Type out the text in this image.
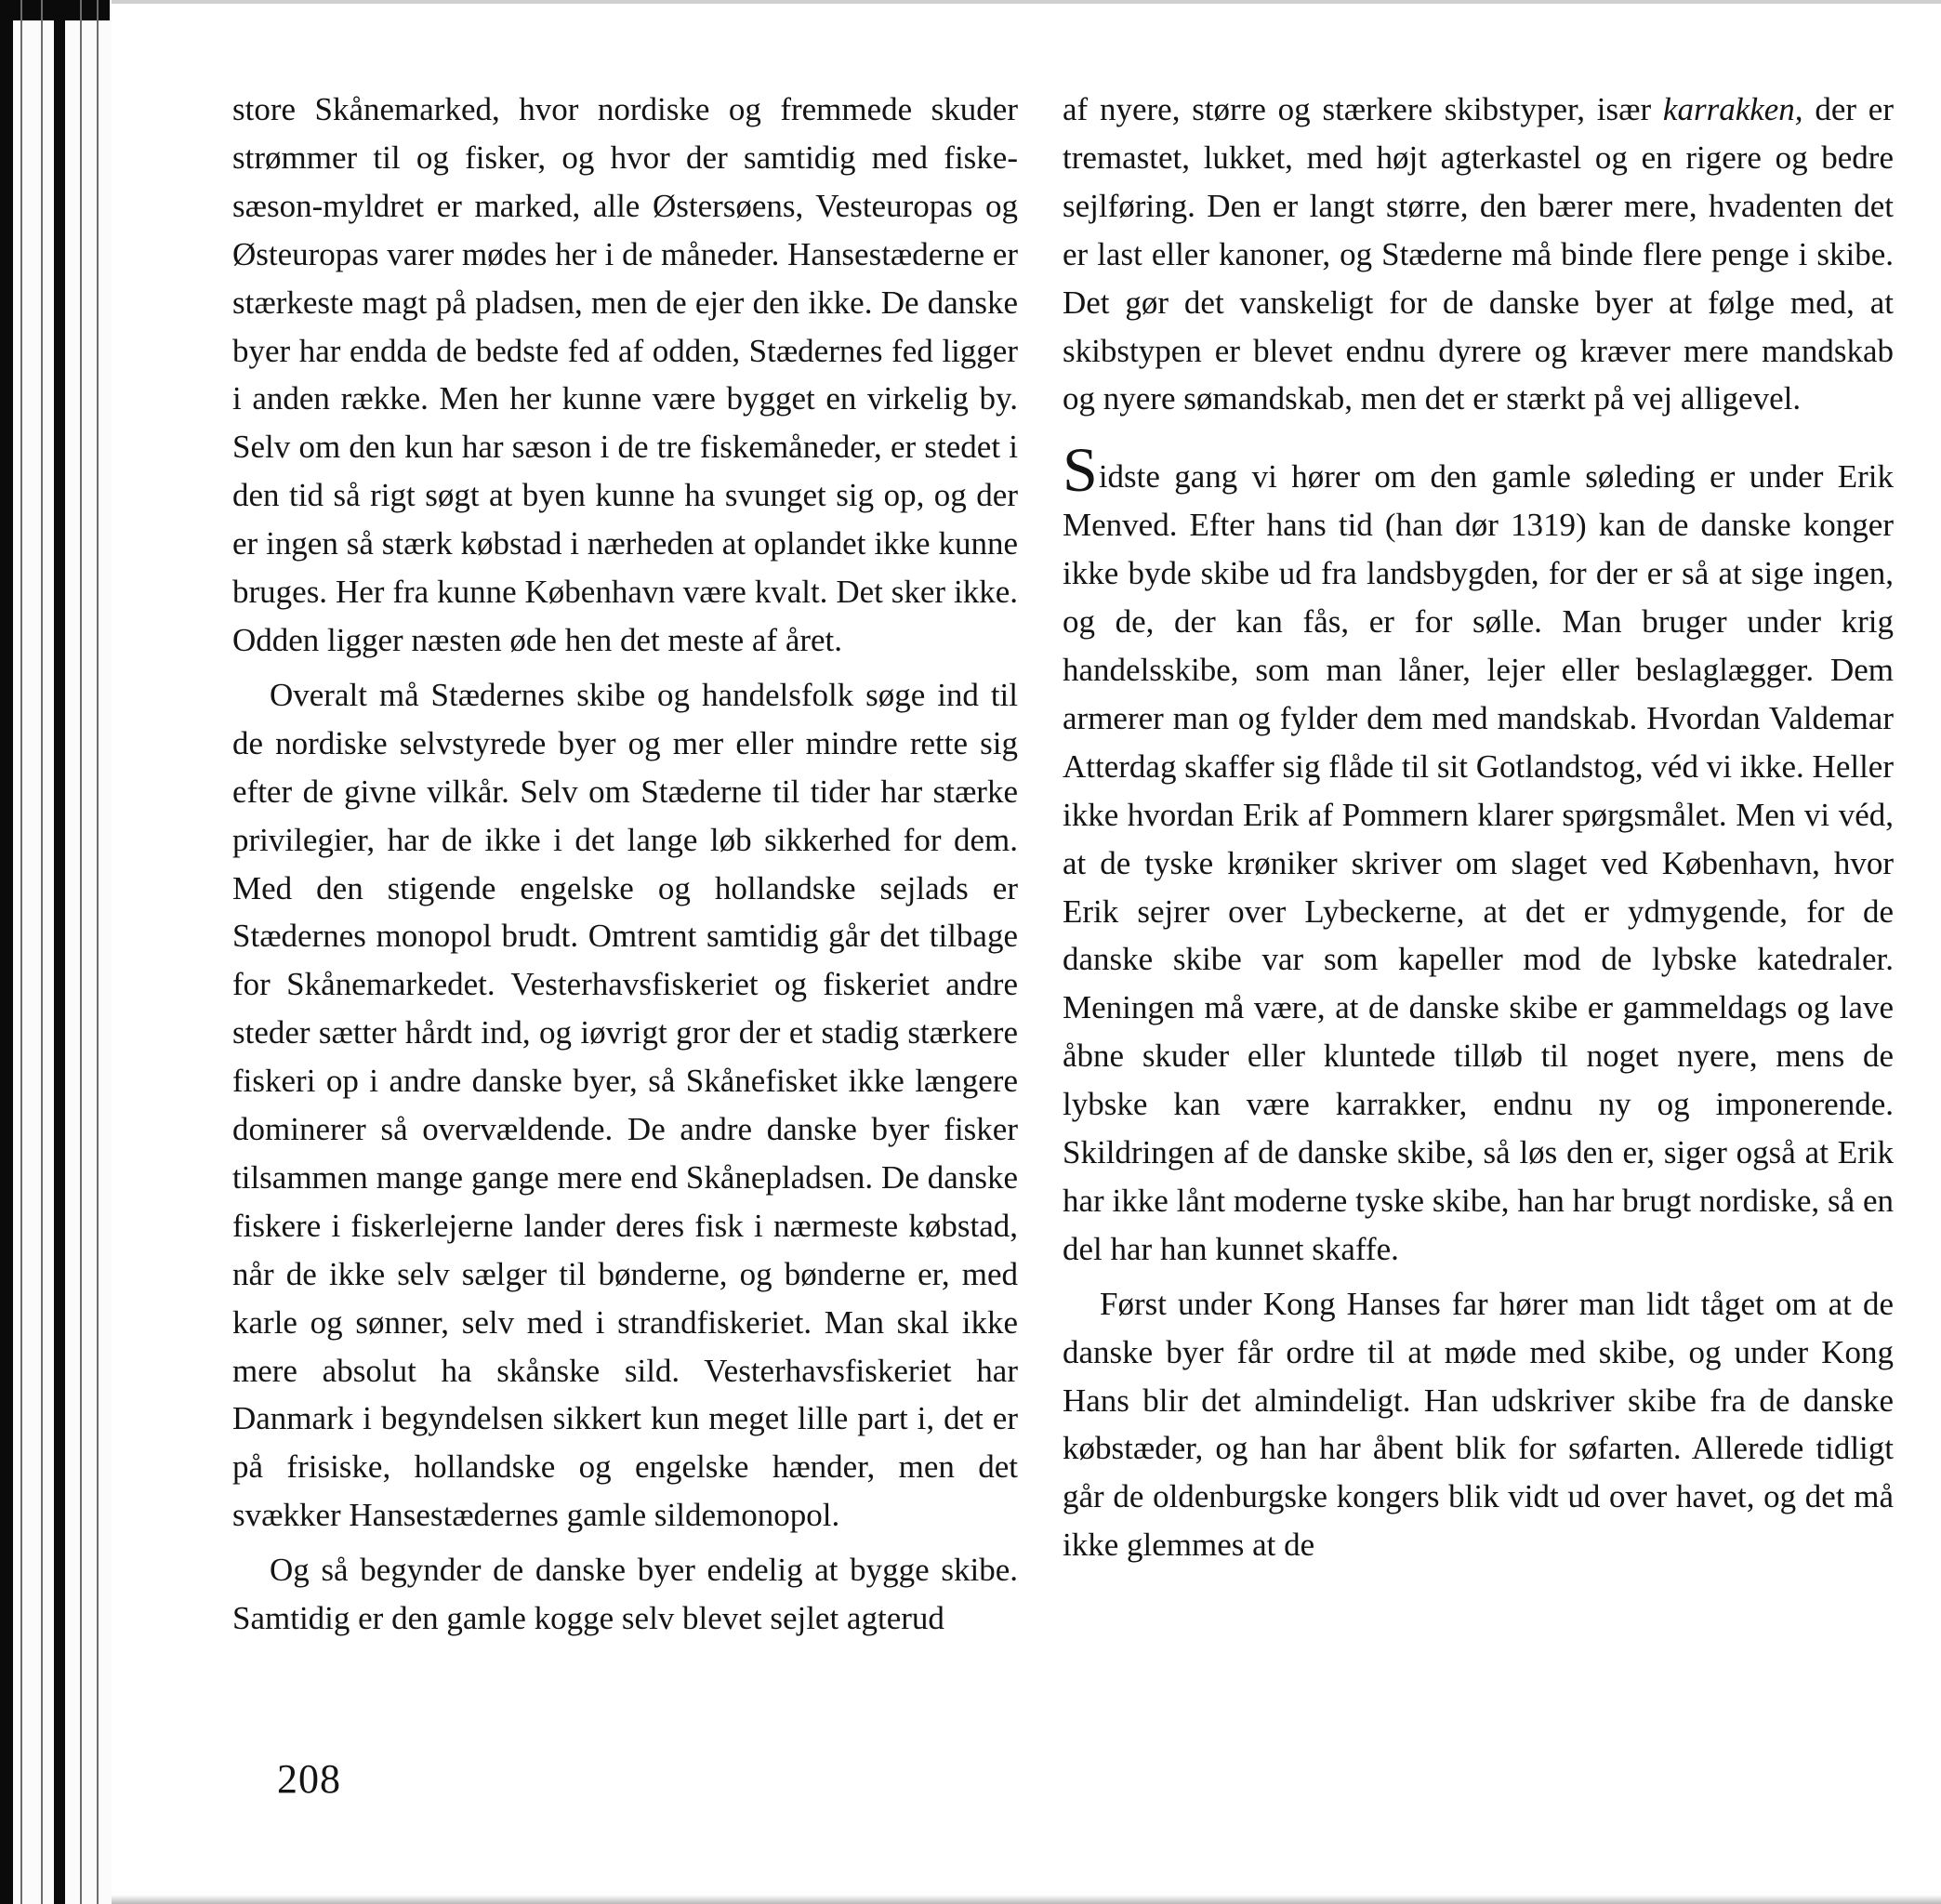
store Skånemarked, hvor nordiske og fremmede skuder strømmer til og fisker, og hvor der samtidig med fiske-sæson-myldret er marked, alle Østersøens, Vesteuropas og Østeuropas varer mødes her i de måneder. Hansestæderne er stærkeste magt på pladsen, men de ejer den ikke. De danske byer har endda de bedste fed af odden, Stædernes fed ligger i anden række. Men her kunne være bygget en virkelig by. Selv om den kun har sæson i de tre fiskemåneder, er stedet i den tid så rigt søgt at byen kunne ha svunget sig op, og der er ingen så stærk købstad i nærheden at oplandet ikke kunne bruges. Her fra kunne København være kvalt. Det sker ikke. Odden ligger næsten øde hen det meste af året.

Overalt må Stædernes skibe og handelsfolk søge ind til de nordiske selvstyrede byer og mer eller mindre rette sig efter de givne vilkår. Selv om Stæderne til tider har stærke privilegier, har de ikke i det lange løb sikkerhed for dem. Med den stigende engelske og hollandske sejlads er Stædernes monopol brudt. Omtrent samtidig går det tilbage for Skånemarkedet. Vesterhavsfiskeriet og fiskeriet andre steder sætter hårdt ind, og iøvrigt gror der et stadig stærkere fiskeri op i andre danske byer, så Skånefisket ikke længere dominerer så overvældende. De andre danske byer fisker tilsammen mange gange mere end Skånepladsen. De danske fiskere i fiskerlejerne lander deres fisk i nærmeste købstad, når de ikke selv sælger til bønderne, og bønderne er, med karle og sønner, selv med i strandfiskeriet. Man skal ikke mere absolut ha skånske sild. Vesterhavsfiskeriet har Danmark i begyndelsen sikkert kun meget lille part i, det er på frisiske, hollandske og engelske hænder, men det svækker Hansestædernes gamle sildemonopol.

Og så begynder de danske byer endelig at bygge skibe. Samtidig er den gamle kogge selv blevet sejlet agterud

af nyere, større og stærkere skibstyper, især karrakken, der er tremastet, lukket, med højt agterkastel og en rigere og bedre sejlføring. Den er langt større, den bærer mere, hvadenten det er last eller kanoner, og Stæderne må binde flere penge i skibe. Det gør det vanskeligt for de danske byer at følge med, at skibstypen er blevet endnu dyrere og kræver mere mandskab og nyere sømandskab, men det er stærkt på vej alligevel.

Sidste gang vi hører om den gamle søleding er under Erik Menved. Efter hans tid (han dør 1319) kan de danske konger ikke byde skibe ud fra landsbygden, for der er så at sige ingen, og de, der kan fås, er for sølle. Man bruger under krig handelsskibe, som man låner, lejer eller beslaglægger. Dem armerer man og fylder dem med mandskab. Hvordan Valdemar Atterdag skaffer sig flåde til sit Gotlandstog, véd vi ikke. Heller ikke hvordan Erik af Pommern klarer spørgsmålet. Men vi véd, at de tyske krøniker skriver om slaget ved København, hvor Erik sejrer over Lybeckerne, at det er ydmygende, for de danske skibe var som kapeller mod de lybske katedraler. Meningen må være, at de danske skibe er gammeldags og lave åbne skuder eller kluntede tilløb til noget nyere, mens de lybske kan være karrakker, endnu ny og imponerende. Skildringen af de danske skibe, så løs den er, siger også at Erik har ikke lånt moderne tyske skibe, han har brugt nordiske, så en del har han kunnet skaffe.

Først under Kong Hanses far hører man lidt tåget om at de danske byer får ordre til at møde med skibe, og under Kong Hans blir det almindeligt. Han udskriver skibe fra de danske købstæder, og han har åbent blik for søfarten. Allerede tidligt går de oldenburgske kongers blik vidt ud over havet, og det må ikke glemmes at de

208
